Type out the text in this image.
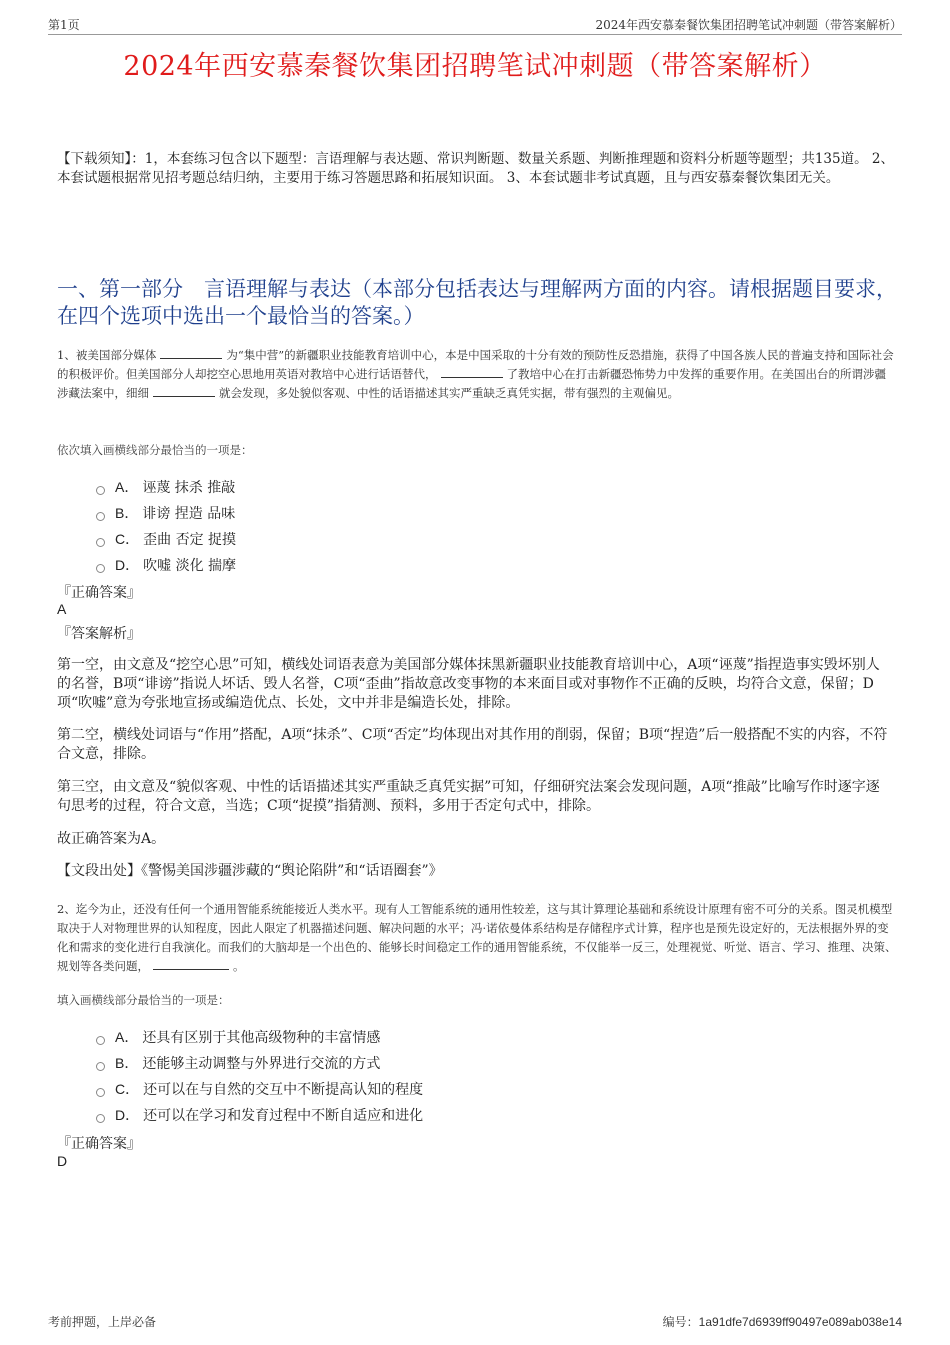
第1页	2024年西安慕秦餐饮集团招聘笔试冲刺题（带答案解析）
2024年西安慕秦餐饮集团招聘笔试冲刺题（带答案解析）
【下载须知】：1，本套练习包含以下题型：言语理解与表达题、常识判断题、数量关系题、判断推理题和资料分析题等题型；共135道。 2、本套试题根据常见招考题总结归纳，主要用于练习答题思路和拓展知识面。 3、本套试题非考试真题，且与西安慕秦餐饮集团无关。
一、第一部分　言语理解与表达（本部分包括表达与理解两方面的内容。请根据题目要求，在四个选项中选出一个最恰当的答案。）
1、被美国部分媒体	为“集中营”的新疆职业技能教育培训中心，本是中国采取的十分有效的预防性反恐措施，获得了中国各族人民的普遍支持和国际社会的积极评价。但美国部分人却挖空心思地用英语对教培中心进行话语替代，	了教培中心在打击新疆恐怖势力中发挥的重要作用。在美国出台的所谓涉疆涉藏法案中，细细	就会发现，多处貌似客观、中性的话语描述其实严重缺乏真凭实据，带有强烈的主观偏见。
依次填入画横线部分最恰当的一项是：
A． 诬蔑 抹杀 推敲
B． 诽谤 捏造 品味
C． 歪曲 否定 捉摸
D． 吹嘘 淡化 揣摩
『正确答案』
A
『答案解析』
第一空，由文意及“挖空心思”可知，横线处词语表意为美国部分媒体抹黑新疆职业技能教育培训中心，A项“诬蔑”指捏造事实毁坏别人的名誉，B项“诽谤”指说人坏话、毁人名誉，C项“歪曲”指故意改变事物的本来面目或对事物作不正确的反映，均符合文意，保留；D项“吹嘘”意为夸张地宣扬或编造优点、长处，文中并非是编造长处，排除。
第二空，横线处词语与“作用”搭配，A项“抹杀”、C项“否定”均体现出对其作用的削弱，保留；B项“捏造”后一般搭配不实的内容，不符合文意，排除。
第三空，由文意及“貌似客观、中性的话语描述其实严重缺乏真凭实据”可知，仔细研究法案会发现问题，A项“推敲”比喻写作时逐字逐句思考的过程，符合文意，当选；C项“捉摸”指猜测、预料，多用于否定句式中，排除。
故正确答案为A。
【文段出处】《警惕美国涉疆涉藏的“舆论陷阱”和“话语圈套”》
2、迄今为止，还没有任何一个通用智能系统能接近人类水平。现有人工智能系统的通用性较差，这与其计算理论基础和系统设计原理有密不可分的关系。图灵机模型取决于人对物理世界的认知程度，因此人限定了机器描述问题、解决问题的水平；冯·诺依曼体系结构是存储程序式计算，程序也是预先设定好的，无法根据外界的变化和需求的变化进行自我演化。而我们的大脑却是一个出色的、能够长时间稳定工作的通用智能系统，不仅能举一反三，处理视觉、听觉、语言、学习、推理、决策、规划等各类问题，	。
填入画横线部分最恰当的一项是：
A． 还具有区别于其他高级物种的丰富情感
B． 还能够主动调整与外界进行交流的方式
C． 还可以在与自然的交互中不断提高认知的程度
D． 还可以在学习和发育过程中不断自适应和进化
『正确答案』
D
考前押题，上岸必备	编号：1a91dfe7d6939ff90497e089ab038e14
